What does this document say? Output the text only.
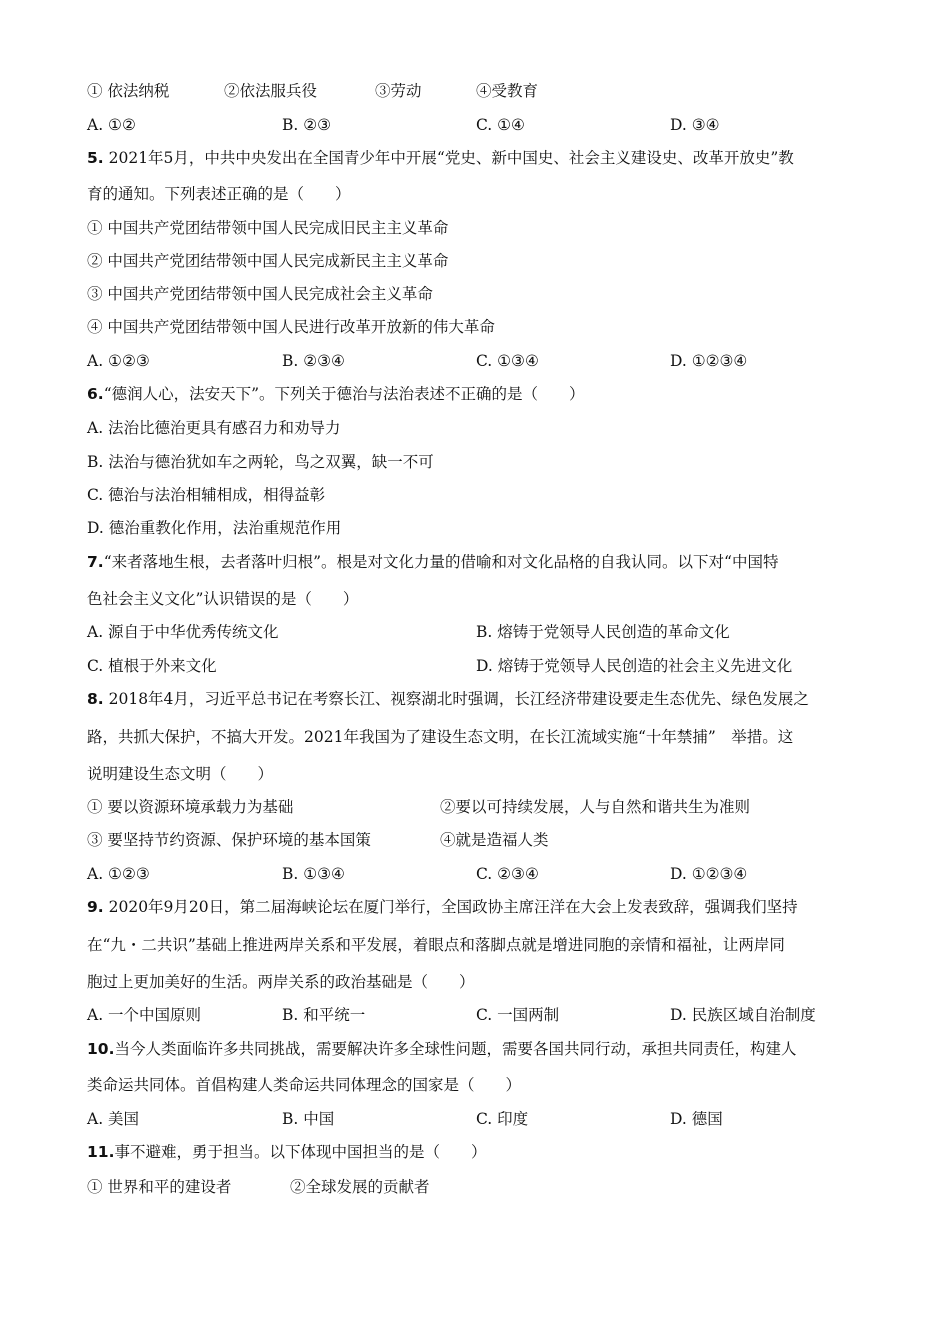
① 依法纳税	②依法服兵役	③劳动	④受教育
A. ①②	B. ②③	C. ①④	D. ③④
5. 2021年5月，中共中央发出在全国青少年中开展“党史、新中国史、社会主义建设史、改革开放史”教
育的通知。下列表述正确的是（　　）
① 中国共产党团结带领中国人民完成旧民主主义革命
② 中国共产党团结带领中国人民完成新民主主义革命
③ 中国共产党团结带领中国人民完成社会主义革命
④ 中国共产党团结带领中国人民进行改革开放新的伟大革命
A. ①②③	B. ②③④	C. ①③④	D. ①②③④
6.“德润人心，法安天下”。下列关于德治与法治表述不正确的是（　　）
A. 法治比德治更具有感召力和劝导力
B. 法治与德治犹如车之两轮，鸟之双翼，缺一不可
C. 德治与法治相辅相成，相得益彰
D. 德治重教化作用，法治重规范作用
7.“来者落地生根，去者落叶归根”。根是对文化力量的借喻和对文化品格的自我认同。以下对“中国特
色社会主义文化”认识错误的是（　　）
A. 源自于中华优秀传统文化	B. 熔铸于党领导人民创造的革命文化
C. 植根于外来文化	D. 熔铸于党领导人民创造的社会主义先进文化
8. 2018年4月，习近平总书记在考察长江、视察湖北时强调，长江经济带建设要走生态优先、绿色发展之
路，共抓大保护，不搞大开发。2021年我国为了建设生态文明，在长江流域实施“十年禁捕”　举措。这
说明建设生态文明（　　）
① 要以资源环境承载力为基础	②要以可持续发展，人与自然和谐共生为准则
③ 要坚持节约资源、保护环境的基本国策	④就是造福人类
A. ①②③	B. ①③④	C. ②③④	D. ①②③④
9. 2020年9月20日，第二届海峡论坛在厦门举行，全国政协主席汪洋在大会上发表致辞，强调我们坚持
在“九・二共识”基础上推进两岸关系和平发展，着眼点和落脚点就是增进同胞的亲情和福祉，让两岸同
胞过上更加美好的生活。两岸关系的政治基础是（　　）
A. 一个中国原则	B. 和平统一	C. 一国两制	D. 民族区域自治制度
10.当今人类面临许多共同挑战，需要解决许多全球性问题，需要各国共同行动，承担共同责任，构建人
类命运共同体。首倡构建人类命运共同体理念的国家是（　　）
A. 美国	B. 中国	C. 印度	D. 德国
11.事不避难，勇于担当。以下体现中国担当的是（　　）
① 世界和平的建设者	②全球发展的贡献者
